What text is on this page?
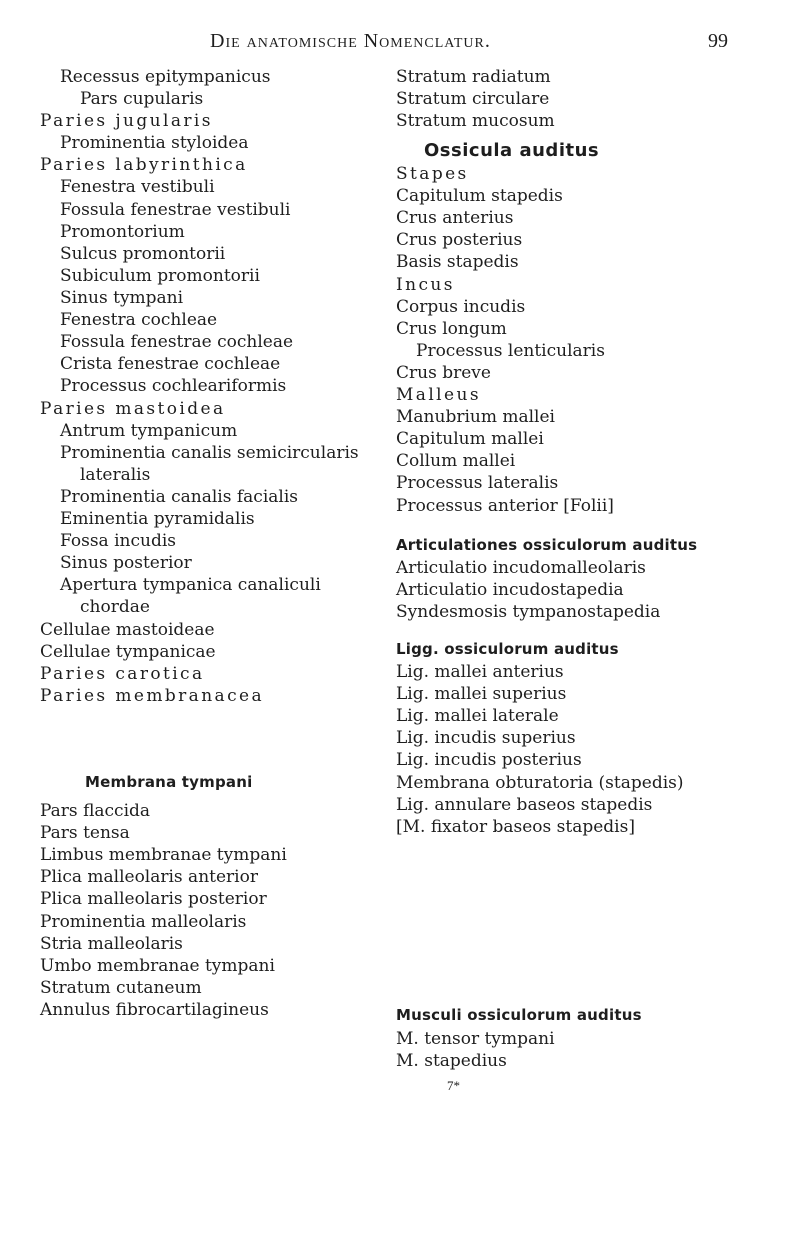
Die anatomische Nomenclatur.	99
Recessus epitympanicus
Pars cupularis
Paries jugularis
Prominentia styloidea
Paries labyrinthica
Fenestra vestibuli
Fossula fenestrae vestibuli
Promontorium
Sulcus promontorii
Subiculum promontorii
Sinus tympani
Fenestra cochleae
Fossula fenestrae cochleae
Crista fenestrae cochleae
Processus cochleariformis
Paries mastoidea
Antrum tympanicum
Prominentia canalis semicircularis
lateralis
Prominentia canalis facialis
Eminentia pyramidalis
Fossa incudis
Sinus posterior
Apertura tympanica canaliculi
chordae
Cellulae mastoideae
Cellulae tympanicae
Paries carotica
Paries membranacea
Membrana tympani
Pars flaccida
Pars tensa
Limbus membranae tympani
Plica malleolaris anterior
Plica malleolaris posterior
Prominentia malleolaris
Stria malleolaris
Umbo membranae tympani
Stratum cutaneum
Annulus fibrocartilagineus
Stratum radiatum
Stratum circulare
Stratum mucosum
Ossicula auditus
Stapes
Capitulum stapedis
Crus anterius
Crus posterius
Basis stapedis
Incus
Corpus incudis
Crus longum
Processus lenticularis
Crus breve
Malleus
Manubrium mallei
Capitulum mallei
Collum mallei
Processus lateralis
Processus anterior [Folii]
Articulationes ossiculorum auditus
Articulatio incudomalleolaris
Articulatio incudostapedia
Syndesmosis tympanostapedia
Ligg. ossiculorum auditus
Lig. mallei anterius
Lig. mallei superius
Lig. mallei laterale
Lig. incudis superius
Lig. incudis posterius
Membrana obturatoria (stapedis)
Lig. annulare baseos stapedis
[M. fixator baseos stapedis]
Musculi ossiculorum auditus
M. tensor tympani
M. stapedius
7*
